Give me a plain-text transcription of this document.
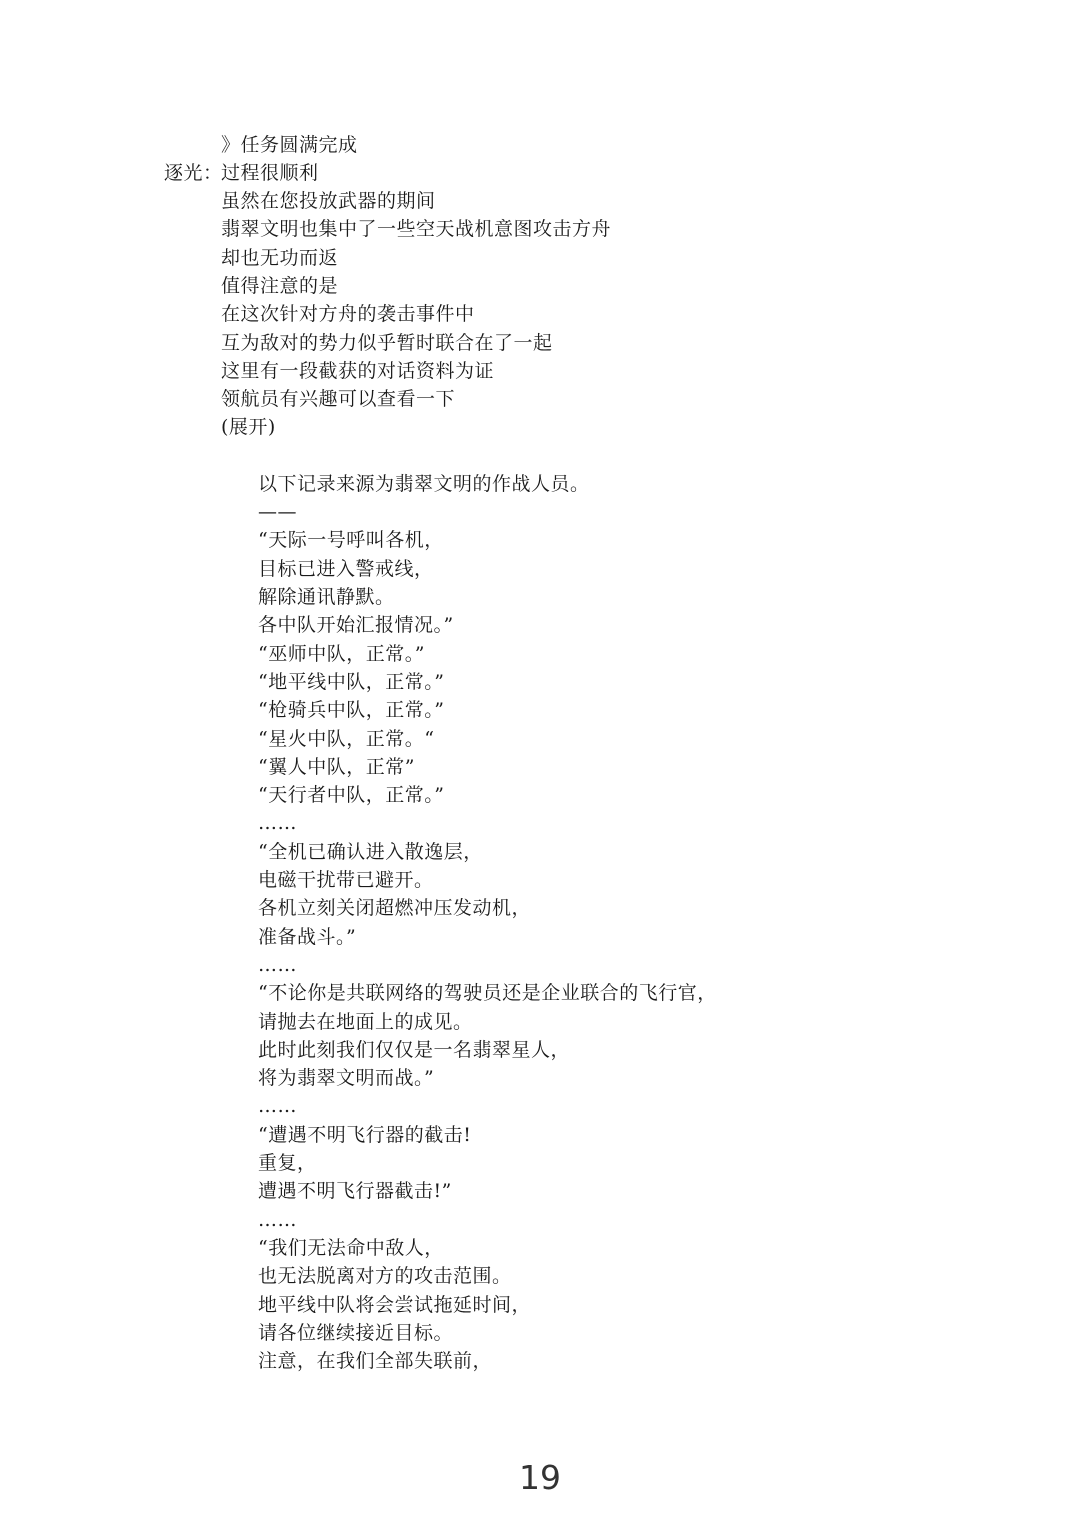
》任务圆满完成
逐光：
过程很顺利
虽然在您投放武器的期间
翡翠文明也集中了一些空天战机意图攻击方舟
却也无功而返
值得注意的是
在这次针对方舟的袭击事件中
互为敌对的势力似乎暂时联合在了一起
这里有一段截获的对话资料为证
领航员有兴趣可以查看一下
(展开)
以下记录来源为翡翠文明的作战人员。
——
“天际一号呼叫各机，
目标已进入警戒线，
解除通讯静默。
各中队开始汇报情况。”
“巫师中队，正常。”
“地平线中队，正常。”
“枪骑兵中队，正常。”
“星火中队，正常。“
“翼人中队，正常”
“天行者中队，正常。”
……
“全机已确认进入散逸层，
电磁干扰带已避开。
各机立刻关闭超燃冲压发动机，
准备战斗。”
……
“不论你是共联网络的驾驶员还是企业联合的飞行官，
请抛去在地面上的成见。
此时此刻我们仅仅是一名翡翠星人，
将为翡翠文明而战。”
……
“遭遇不明飞行器的截击!
重复，
遭遇不明飞行器截击!”
……
“我们无法命中敌人，
也无法脱离对方的攻击范围。
地平线中队将会尝试拖延时间，
请各位继续接近目标。
注意，在我们全部失联前，
19
